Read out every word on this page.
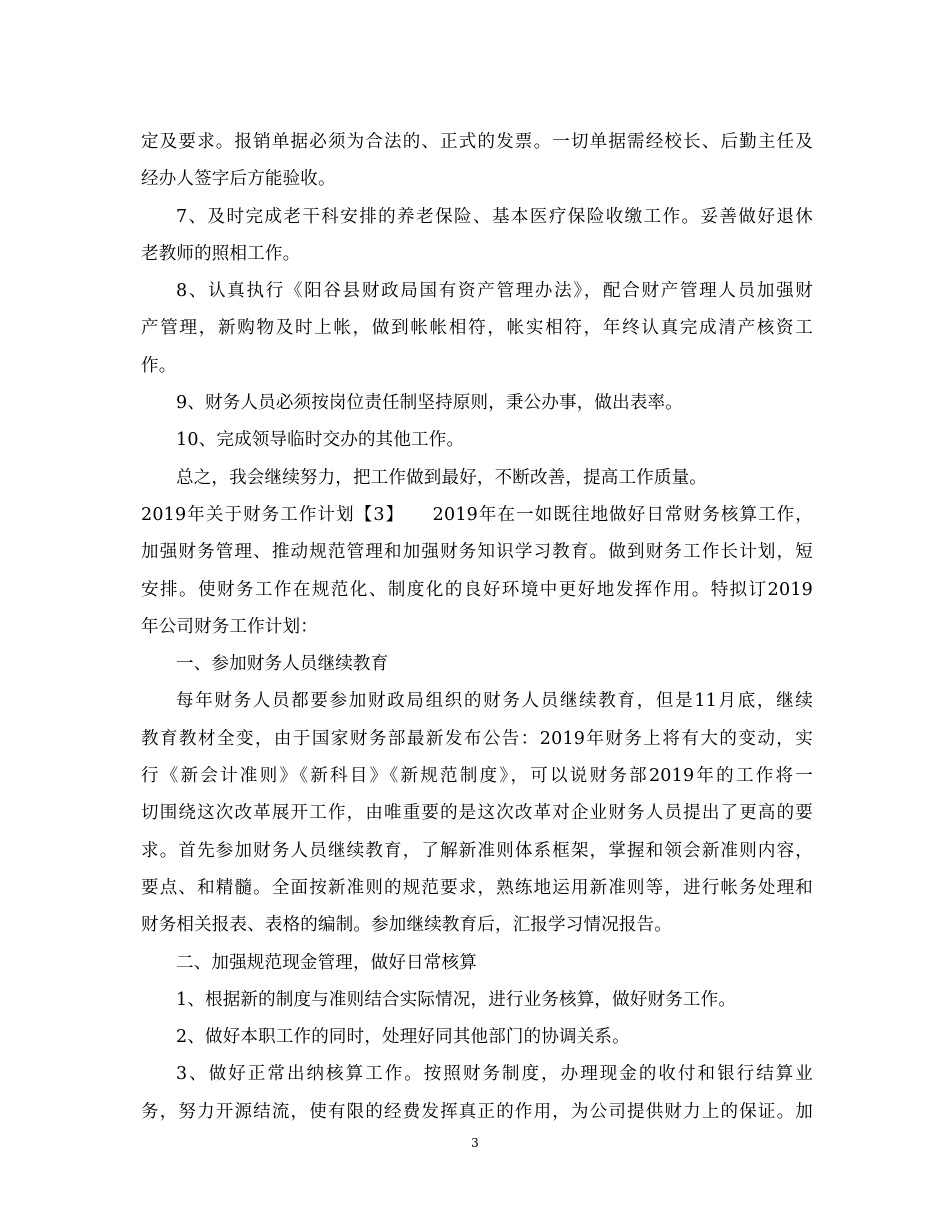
定及要求。报销单据必须为合法的、正式的发票。一切单据需经校长、后勤主任及
经办人签字后方能验收。
7、及时完成老干科安排的养老保险、基本医疗保险收缴工作。妥善做好退休
老教师的照相工作。
8、认真执行《阳谷县财政局国有资产管理办法》，配合财产管理人员加强财
产管理，新购物及时上帐，做到帐帐相符，帐实相符，年终认真完成清产核资工
作。
9、财务人员必须按岗位责任制坚持原则，秉公办事，做出表率。
10、完成领导临时交办的其他工作。
总之，我会继续努力，把工作做到最好，不断改善，提高工作质量。
2019年关于财务工作计划【3】　　2019年在一如既往地做好日常财务核算工作，
加强财务管理、推动规范管理和加强财务知识学习教育。做到财务工作长计划，短
安排。使财务工作在规范化、制度化的良好环境中更好地发挥作用。特拟订2019
年公司财务工作计划：
一、参加财务人员继续教育
每年财务人员都要参加财政局组织的财务人员继续教育，但是11月底，继续
教育教材全变，由于国家财务部最新发布公告：2019年财务上将有大的变动，实
行《新会计准则》《新科目》《新规范制度》，可以说财务部2019年的工作将一
切围绕这次改革展开工作，由唯重要的是这次改革对企业财务人员提出了更高的要
求。首先参加财务人员继续教育，了解新准则体系框架，掌握和领会新准则内容，
要点、和精髓。全面按新准则的规范要求，熟练地运用新准则等，进行帐务处理和
财务相关报表、表格的编制。参加继续教育后，汇报学习情况报告。
二、加强规范现金管理，做好日常核算
1、根据新的制度与准则结合实际情况，进行业务核算，做好财务工作。
2、做好本职工作的同时，处理好同其他部门的协调关系。
3、做好正常出纳核算工作。按照财务制度，办理现金的收付和银行结算业
务，努力开源结流，使有限的经费发挥真正的作用，为公司提供财力上的保证。加
3
